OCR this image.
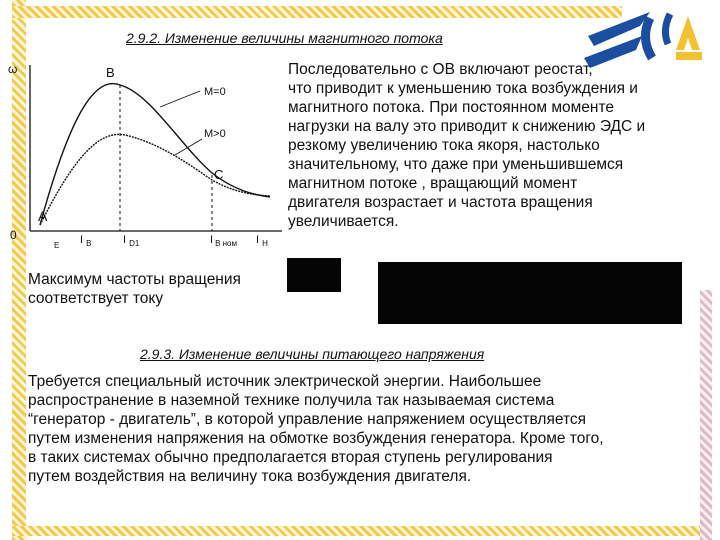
2.9.2. Изменение величины магнитного потока
ω
0
B
A
C
M=0
M>0
E I $_B$	I $_{D1}$	I $_{B ном}$ I $_H$
Последовательно с ОВ включают реостат,
что приводит к уменьшению тока возбуждения и
магнитного потока. При постоянном моменте
нагрузки на валу это приводит к снижению ЭДС и
резкому увеличению тока якоря, настолько
значительному, что даже при уменьшившемся
магнитном потоке , вращающий момент
двигателя возрастает и частота вращения
увеличивается.
Максимум частоты вращения
соответствует току
2.9.3. Изменение величины питающего напряжения
Требуется специальный источник электрической энергии. Наибольшее
распространение в наземной технике получила так называемая система
“генератор - двигатель”, в которой управление напряжением осуществляется
путем изменения напряжения на обмотке возбуждения генератора. Кроме того,
в таких системах обычно предполагается вторая ступень регулирования
путем воздействия на величину тока возбуждения двигателя.
